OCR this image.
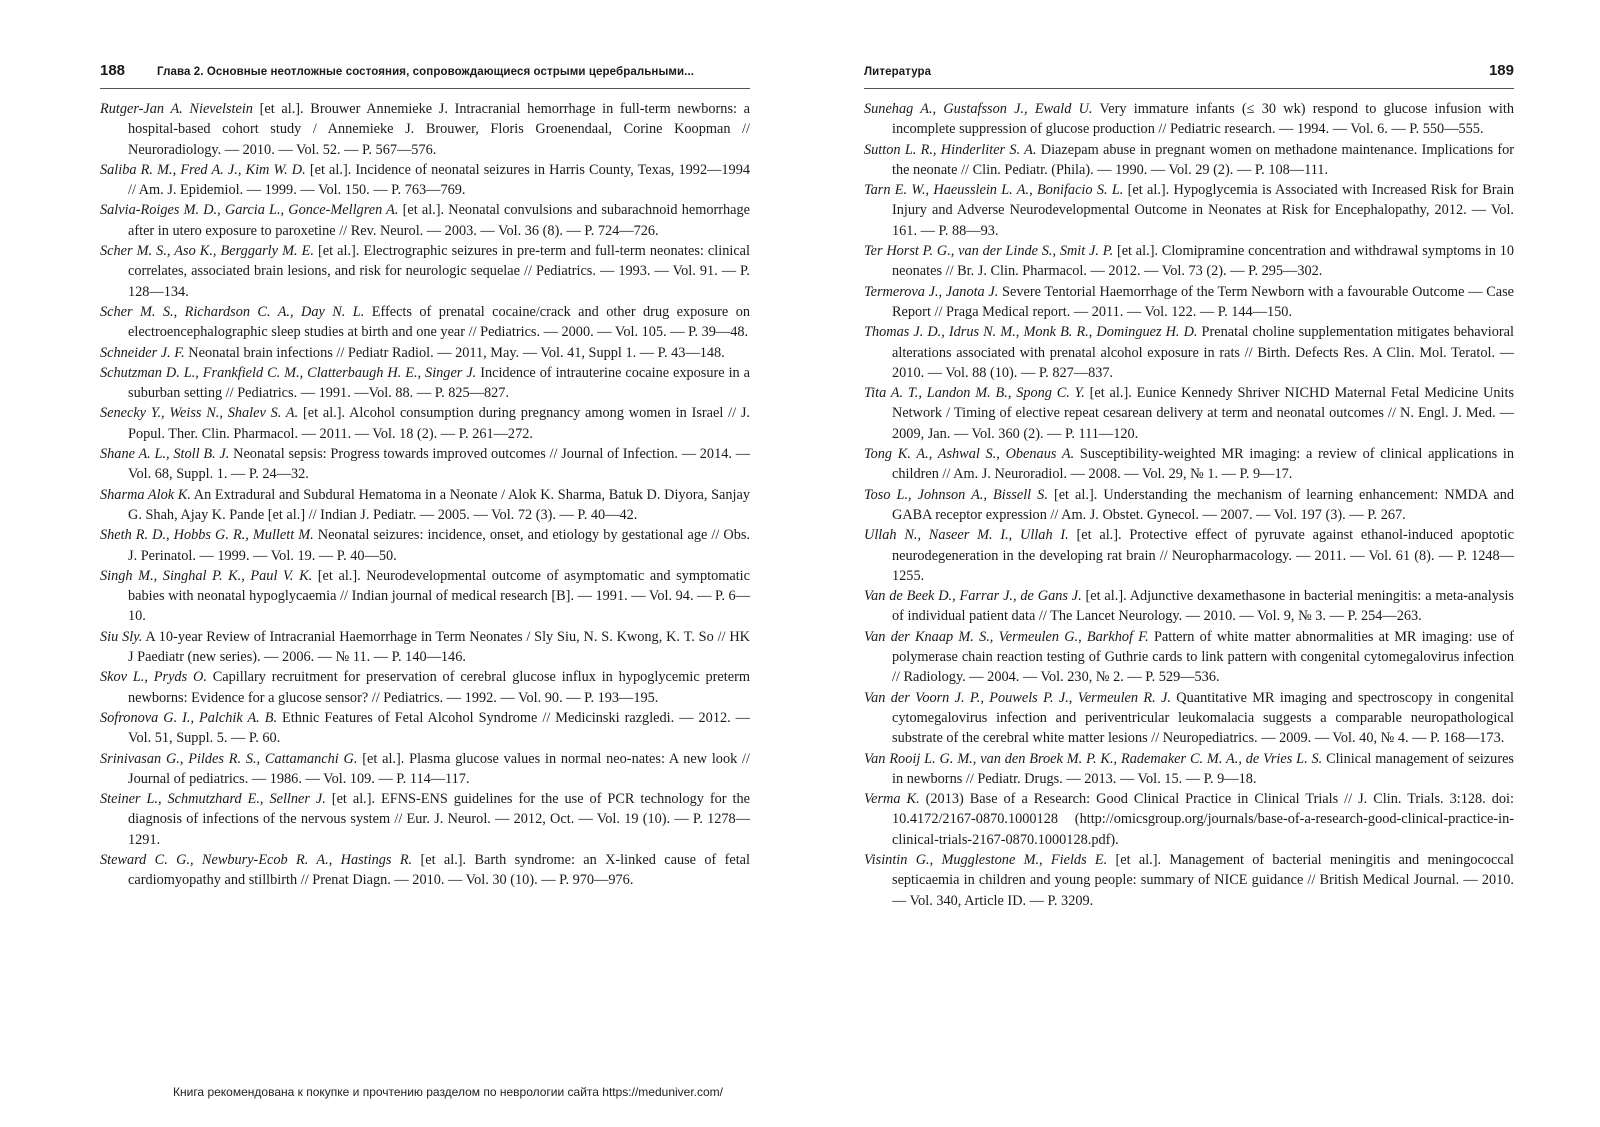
188	Глава 2. Основные неотложные состояния, сопровождающиеся острыми церебральными...
Rutger-Jan A. Nievelstein [et al.]. Brouwer Annemieke J. Intracranial hemorrhage in full-term newborns: a hospital-based cohort study / Annemieke J. Brouwer, Floris Groenendaal, Corine Koopman // Neuroradiology. — 2010. — Vol. 52. — P. 567—576.
Saliba R. M., Fred A. J., Kim W. D. [et al.]. Incidence of neonatal seizures in Harris County, Texas, 1992—1994 // Am. J. Epidemiol. — 1999. — Vol. 150. — P. 763—769.
Salvia-Roiges M. D., Garcia L., Gonce-Mellgren A. [et al.]. Neonatal convulsions and subarachnoid hemorrhage after in utero exposure to paroxetine // Rev. Neurol. — 2003. — Vol. 36 (8). — P. 724—726.
Scher M. S., Aso K., Berggarly M. E. [et al.]. Electrographic seizures in pre-term and full-term neonates: clinical correlates, associated brain lesions, and risk for neurologic sequelae // Pediatrics. — 1993. — Vol. 91. — P. 128—134.
Scher M. S., Richardson C. A., Day N. L. Effects of prenatal cocaine/crack and other drug exposure on electroencephalographic sleep studies at birth and one year // Pediatrics. — 2000. — Vol. 105. — P. 39—48.
Schneider J. F. Neonatal brain infections // Pediatr Radiol. — 2011, May. — Vol. 41, Suppl 1. — P. 43—148.
Schutzman D. L., Frankfield C. M., Clatterbaugh H. E., Singer J. Incidence of intrauterine cocaine exposure in a suburban setting // Pediatrics. — 1991. —Vol. 88. — P. 825—827.
Senecky Y., Weiss N., Shalev S. A. [et al.]. Alcohol consumption during pregnancy among women in Israel // J. Popul. Ther. Clin. Pharmacol. — 2011. — Vol. 18 (2). — P. 261—272.
Shane A. L., Stoll B. J. Neonatal sepsis: Progress towards improved outcomes // Journal of Infection. — 2014. — Vol. 68, Suppl. 1. — P. 24—32.
Sharma Alok K. An Extradural and Subdural Hematoma in a Neonate / Alok K. Sharma, Batuk D. Diyora, Sanjay G. Shah, Ajay K. Pande [et al.] // Indian J. Pediatr. — 2005. — Vol. 72 (3). — P. 40—42.
Sheth R. D., Hobbs G. R., Mullett M. Neonatal seizures: incidence, onset, and etiology by gestational age // Obs. J. Perinatol. — 1999. — Vol. 19. — P. 40—50.
Singh M., Singhal P. K., Paul V. K. [et al.]. Neurodevelopmental outcome of asymptomatic and symptomatic babies with neonatal hypoglycaemia // Indian journal of medical research [B]. — 1991. — Vol. 94. — P. 6—10.
Siu Sly. A 10-year Review of Intracranial Haemorrhage in Term Neonates / Sly Siu, N. S. Kwong, K. T. So // HK J Paediatr (new series). — 2006. — № 11. — P. 140—146.
Skov L., Pryds O. Capillary recruitment for preservation of cerebral glucose influx in hypoglycemic preterm newborns: Evidence for a glucose sensor? // Pediatrics. — 1992. — Vol. 90. — P. 193—195.
Sofronova G. I., Palchik A. B. Ethnic Features of Fetal Alcohol Syndrome // Medicinski razgledi. — 2012. — Vol. 51, Suppl. 5. — P. 60.
Srinivasan G., Pildes R. S., Cattamanchi G. [et al.]. Plasma glucose values in normal neo-nates: A new look // Journal of pediatrics. — 1986. — Vol. 109. — P. 114—117.
Steiner L., Schmutzhard E., Sellner J. [et al.]. EFNS-ENS guidelines for the use of PCR technology for the diagnosis of infections of the nervous system // Eur. J. Neurol. — 2012, Oct. — Vol. 19 (10). — P. 1278—1291.
Steward C. G., Newbury-Ecob R. A., Hastings R. [et al.]. Barth syndrome: an X-linked cause of fetal cardiomyopathy and stillbirth // Prenat Diagn. — 2010. — Vol. 30 (10). — P. 970—976.
Литература	189
Sunehag A., Gustafsson J., Ewald U. Very immature infants (≤ 30 wk) respond to glucose infusion with incomplete suppression of glucose production // Pediatric research. — 1994. — Vol. 6. — P. 550—555.
Sutton L. R., Hinderliter S. A. Diazepam abuse in pregnant women on methadone maintenance. Implications for the neonate // Clin. Pediatr. (Phila). — 1990. — Vol. 29 (2). — P. 108—111.
Tarn E. W., Haeusslein L. A., Bonifacio S. L. [et al.]. Hypoglycemia is Associated with Increased Risk for Brain Injury and Adverse Neurodevelopmental Outcome in Neonates at Risk for Encephalopathy, 2012. — Vol. 161. — P. 88—93.
Ter Horst P. G., van der Linde S., Smit J. P. [et al.]. Clomipramine concentration and withdrawal symptoms in 10 neonates // Br. J. Clin. Pharmacol. — 2012. — Vol. 73 (2). — P. 295—302.
Termerova J., Janota J. Severe Tentorial Haemorrhage of the Term Newborn with a favourable Outcome — Case Report // Praga Medical report. — 2011. — Vol. 122. — P. 144—150.
Thomas J. D., Idrus N. M., Monk B. R., Dominguez H. D. Prenatal choline supplementation mitigates behavioral alterations associated with prenatal alcohol exposure in rats // Birth. Defects Res. A Clin. Mol. Teratol. — 2010. — Vol. 88 (10). — P. 827—837.
Tita A. T., Landon M. B., Spong C. Y. [et al.]. Eunice Kennedy Shriver NICHD Maternal Fetal Medicine Units Network / Timing of elective repeat cesarean delivery at term and neonatal outcomes // N. Engl. J. Med. — 2009, Jan. — Vol. 360 (2). — P. 111—120.
Tong K. A., Ashwal S., Obenaus A. Susceptibility-weighted MR imaging: a review of clinical applications in children // Am. J. Neuroradiol. — 2008. — Vol. 29, № 1. — P. 9—17.
Toso L., Johnson A., Bissell S. [et al.]. Understanding the mechanism of learning enhancement: NMDA and GABA receptor expression // Am. J. Obstet. Gynecol. — 2007. — Vol. 197 (3). — P. 267.
Ullah N., Naseer M. I., Ullah I. [et al.]. Protective effect of pyruvate against ethanol-induced apoptotic neurodegeneration in the developing rat brain // Neuropharmacology. — 2011. — Vol. 61 (8). — P. 1248—1255.
Van de Beek D., Farrar J., de Gans J. [et al.]. Adjunctive dexamethasone in bacterial meningitis: a meta-analysis of individual patient data // The Lancet Neurology. — 2010. — Vol. 9, № 3. — P. 254—263.
Van der Knaap M. S., Vermeulen G., Barkhof F. Pattern of white matter abnormalities at MR imaging: use of polymerase chain reaction testing of Guthrie cards to link pattern with congenital cytomegalovirus infection // Radiology. — 2004. — Vol. 230, № 2. — P. 529—536.
Van der Voorn J. P., Pouwels P. J., Vermeulen R. J. Quantitative MR imaging and spectroscopy in congenital cytomegalovirus infection and periventricular leukomalacia suggests a comparable neuropathological substrate of the cerebral white matter lesions // Neuropediatrics. — 2009. — Vol. 40, № 4. — P. 168—173.
Van Rooij L. G. M., van den Broek M. P. K., Rademaker C. M. A., de Vries L. S. Clinical management of seizures in newborns // Pediatr. Drugs. — 2013. — Vol. 15. — P. 9—18.
Verma K. (2013) Base of a Research: Good Clinical Practice in Clinical Trials // J. Clin. Trials. 3:128. doi: 10.4172/2167-0870.1000128 (http://omicsgroup.org/journals/base-of-a-research-good-clinical-practice-in-clinical-trials-2167-0870.1000128.pdf).
Visintin G., Mugglestone M., Fields E. [et al.]. Management of bacterial meningitis and meningococcal septicaemia in children and young people: summary of NICE guidance // British Medical Journal. — 2010. — Vol. 340, Article ID. — P. 3209.
Книга рекомендована к покупке и прочтению разделом по неврологии сайта https://meduniver.com/
